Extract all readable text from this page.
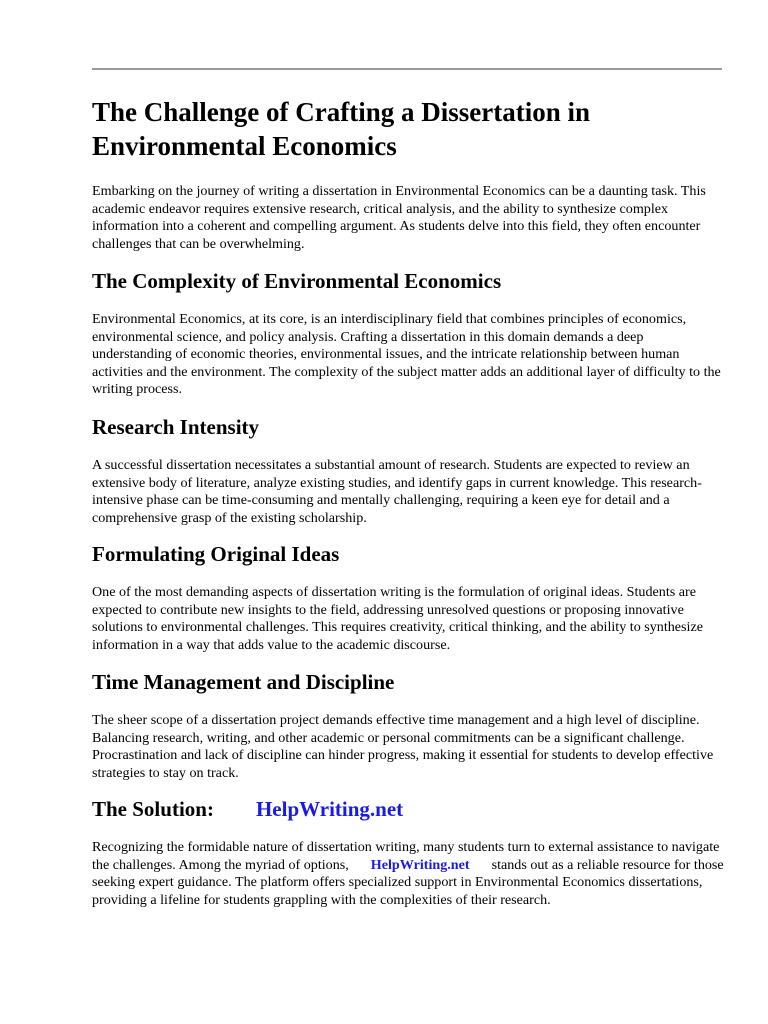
The Challenge of Crafting a Dissertation in Environmental Economics

Embarking on the journey of writing a dissertation in Environmental Economics can be a daunting task. This academic endeavor requires extensive research, critical analysis, and the ability to synthesize complex information into a coherent and compelling argument. As students delve into this field, they often encounter challenges that can be overwhelming.

The Complexity of Environmental Economics

Environmental Economics, at its core, is an interdisciplinary field that combines principles of economics, environmental science, and policy analysis. Crafting a dissertation in this domain demands a deep understanding of economic theories, environmental issues, and the intricate relationship between human activities and the environment. The complexity of the subject matter adds an additional layer of difficulty to the writing process.

Research Intensity

A successful dissertation necessitates a substantial amount of research. Students are expected to review an extensive body of literature, analyze existing studies, and identify gaps in current knowledge. This research-intensive phase can be time-consuming and mentally challenging, requiring a keen eye for detail and a comprehensive grasp of the existing scholarship.

Formulating Original Ideas

One of the most demanding aspects of dissertation writing is the formulation of original ideas. Students are expected to contribute new insights to the field, addressing unresolved questions or proposing innovative solutions to environmental challenges. This requires creativity, critical thinking, and the ability to synthesize information in a way that adds value to the academic discourse.

Time Management and Discipline

The sheer scope of a dissertation project demands effective time management and a high level of discipline. Balancing research, writing, and other academic or personal commitments can be a significant challenge. Procrastination and lack of discipline can hinder progress, making it essential for students to develop effective strategies to stay on track.

The Solution: HelpWriting.net

Recognizing the formidable nature of dissertation writing, many students turn to external assistance to navigate the challenges. Among the myriad of options, HelpWriting.net stands out as a reliable resource for those seeking expert guidance. The platform offers specialized support in Environmental Economics dissertations, providing a lifeline for students grappling with the complexities of their research.
